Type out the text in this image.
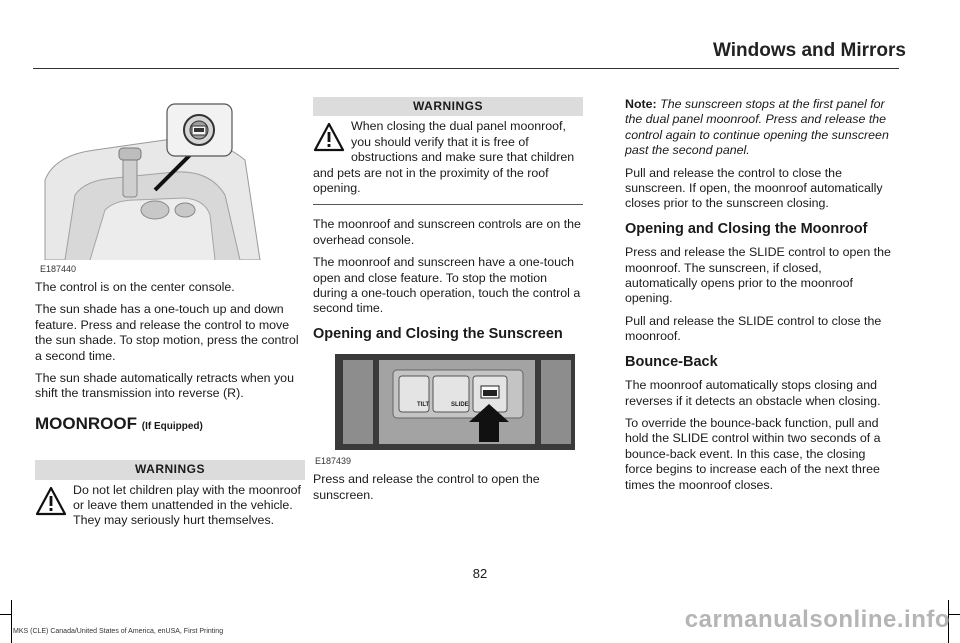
Windows and Mirrors
E187440

The control is on the center console.

The sun shade has a one-touch up and down feature. Press and release the control to move the sun shade. To stop motion, press the control a second time.

The sun shade automatically retracts when you shift the transmission into reverse (R).

MOONROOF (If Equipped)
WARNINGS
Do not let children play with the moonroof or leave them unattended in the vehicle. They may seriously hurt themselves.
WARNINGS
When closing the dual panel moonroof, you should verify that it is free of obstructions and make sure that children and pets are not in the proximity of the roof opening.

The moonroof and sunscreen controls are on the overhead console.

The moonroof and sunscreen have a one-touch open and close feature. To stop the motion during a one-touch operation, touch the control a second time.

Opening and Closing the Sunscreen
TILT	SLIDE
E187439

Press and release the control to open the sunscreen.

Note: The sunscreen stops at the first panel for the dual panel moonroof. Press and release the control again to continue opening the sunscreen past the second panel.

Pull and release the control to close the sunscreen. If open, the moonroof automatically closes prior to the sunscreen closing.

Opening and Closing the Moonroof

Press and release the SLIDE control to open the moonroof. The sunscreen, if closed, automatically opens prior to the moonroof opening.

Pull and release the SLIDE control to close the moonroof.

Bounce-Back

The moonroof automatically stops closing and reverses if it detects an obstacle when closing.

To override the bounce-back function, pull and hold the SLIDE control within two seconds of a bounce-back event. In this case, the closing force begins to increase each of the next three times the moonroof closes.

82
MKS (CLE) Canada/United States of America, enUSA, First Printing	carmanualsonline.info
